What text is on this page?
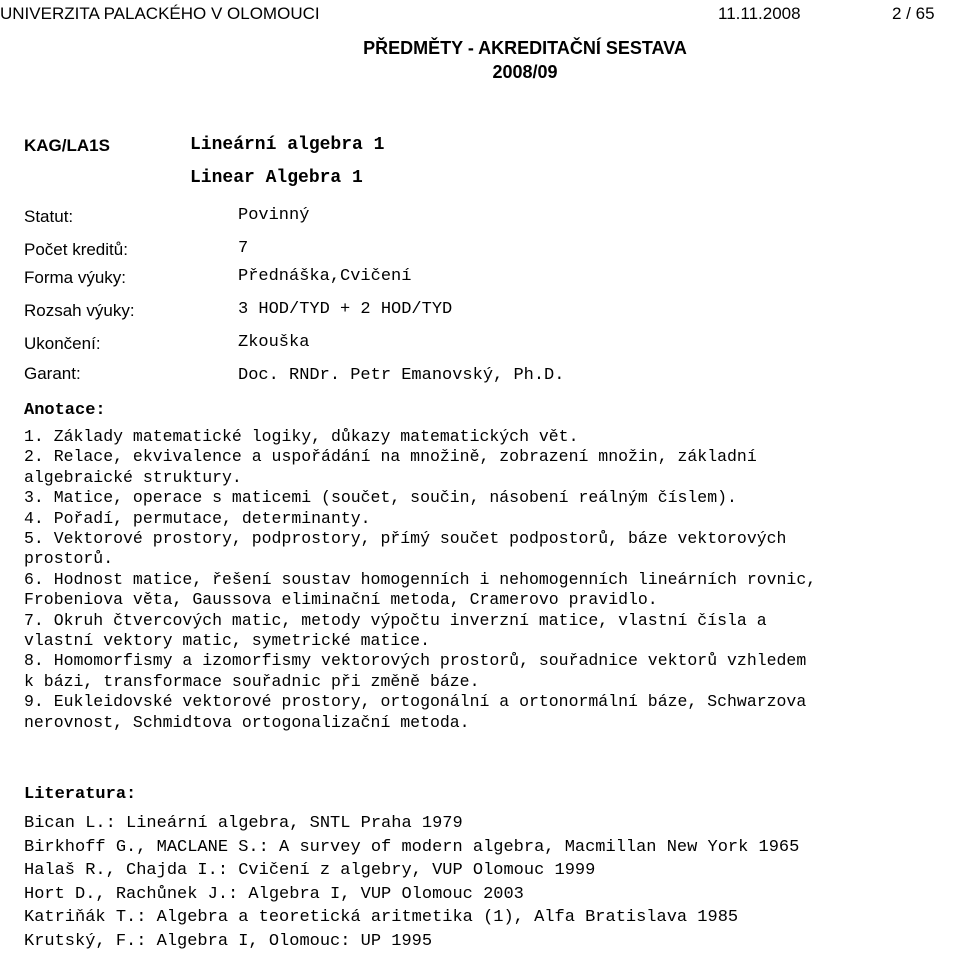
UNIVERZITA PALACKÉHO V OLOMOUCI	11.11.2008	2 / 65
PŘEDMĚTY - AKREDITAČNÍ SESTAVA
2008/09
KAG/LA1S	Lineární algebra 1
Linear Algebra 1
Statut:	Povinný
Počet kreditů:	7
Forma výuky:	Přednáška,Cvičení
Rozsah výuky:	3 HOD/TYD + 2 HOD/TYD
Ukončení:	Zkouška
Garant:	Doc. RNDr. Petr Emanovský, Ph.D.
Anotace:
1. Základy matematické logiky, důkazy matematických vět.
2. Relace, ekvivalence a uspořádání na množině, zobrazení množin, základní
algebraické struktury.
3. Matice, operace s maticemi (součet, součin, násobení reálným číslem).
4. Pořadí, permutace, determinanty.
5. Vektorové prostory, podprostory, přímý součet podpostorů, báze vektorových
prostorů.
6. Hodnost matice, řešení soustav homogenních i nehomogenních lineárních rovnic,
Frobeniova věta, Gaussova eliminační metoda, Cramerovo pravidlo.
7. Okruh čtvercových matic, metody výpočtu inverzní matice, vlastní čísla a
vlastní vektory matic, symetrické matice.
8. Homomorfismy a izomorfismy vektorových prostorů, souřadnice vektorů vzhledem
k bázi, transformace souřadnic při změně báze.
9. Eukleidovské vektorové prostory, ortogonální a ortonormální báze, Schwarzova
nerovnost, Schmidtova ortogonalizační metoda.
Literatura:
Bican L.: Lineární algebra, SNTL Praha 1979
Birkhoff G., MACLANE S.: A survey of modern algebra, Macmillan New York 1965
Halaš R., Chajda I.: Cvičení z algebry, VUP Olomouc 1999
Hort D., Rachůnek J.: Algebra I, VUP Olomouc 2003
Katriňák T.: Algebra a teoretická aritmetika (1), Alfa Bratislava 1985
Krutský, F.: Algebra I, Olomouc: UP 1995
